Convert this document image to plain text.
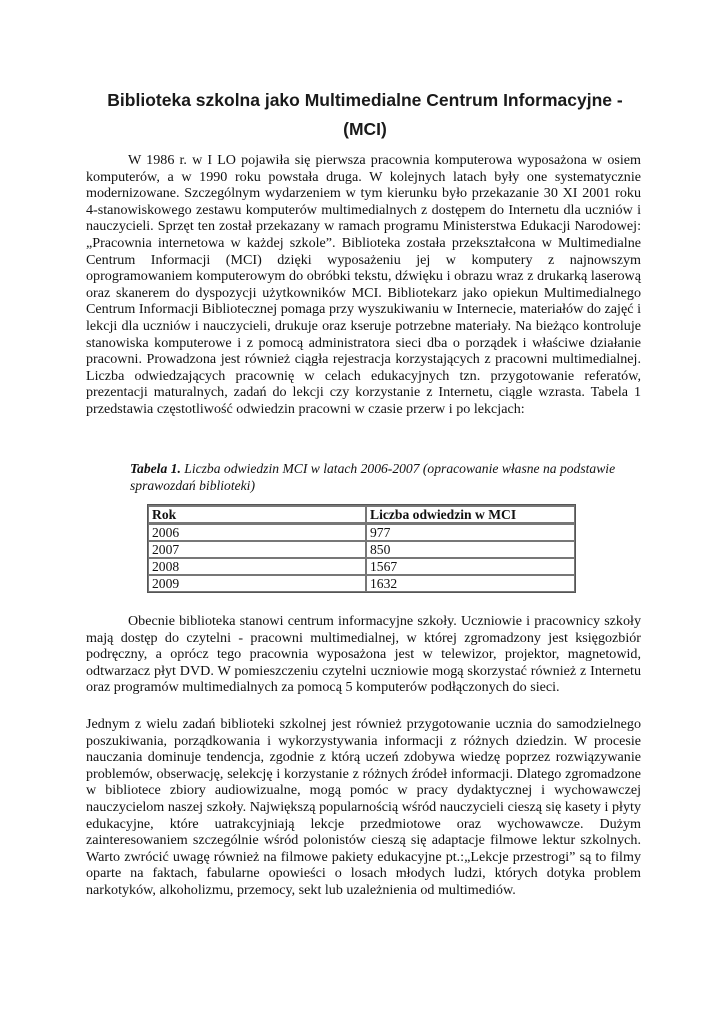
Biblioteka szkolna jako Multimedialne Centrum Informacyjne -
(MCI)

W 1986 r. w I LO pojawiła się pierwsza pracownia komputerowa wyposażona w osiem komputerów, a w 1990 roku powstała druga. W kolejnych latach były one systematycznie modernizowane. Szczególnym wydarzeniem w tym kierunku było przekazanie 30 XI 2001 roku 4-stanowiskowego zestawu komputerów multimedialnych z dostępem do Internetu dla uczniów i nauczycieli. Sprzęt ten został przekazany w ramach programu Ministerstwa Edukacji Narodowej: „Pracownia internetowa w każdej szkole”. Biblioteka została przekształcona w Multimedialne Centrum Informacji (MCI) dzięki wyposażeniu jej w komputery z najnowszym oprogramowaniem komputerowym do obróbki tekstu, dźwięku i obrazu wraz z drukarką laserową oraz skanerem do dyspozycji użytkowników MCI. Bibliotekarz jako opiekun Multimedialnego Centrum Informacji Bibliotecznej pomaga przy wyszukiwaniu w Internecie, materiałów do zajęć i lekcji dla uczniów i nauczycieli, drukuje oraz kseruje potrzebne materiały. Na bieżąco kontroluje stanowiska komputerowe i z pomocą administratora sieci dba o porządek i właściwe działanie pracowni. Prowadzona jest również ciągła rejestracja korzystających z pracowni multimedialnej. Liczba odwiedzających pracownię w celach edukacyjnych tzn. przygotowanie referatów, prezentacji maturalnych, zadań do lekcji czy korzystanie z Internetu, ciągle wzrasta. Tabela 1 przedstawia częstotliwość odwiedzin pracowni w czasie przerw i po lekcjach:

Tabela 1. Liczba odwiedzin MCI w latach 2006-2007 (opracowanie własne na podstawie sprawozdań biblioteki)

Rok	Liczba odwiedzin w MCI
2006	977
2007	850
2008	1567
2009	1632

Obecnie biblioteka stanowi centrum informacyjne szkoły. Uczniowie i pracownicy szkoły mają dostęp do czytelni - pracowni multimedialnej, w której zgromadzony jest księgozbiór podręczny, a oprócz tego pracownia wyposażona jest w telewizor, projektor, magnetowid, odtwarzacz płyt DVD. W pomieszczeniu czytelni uczniowie mogą skorzystać również z Internetu oraz programów multimedialnych za pomocą 5 komputerów podłączonych do sieci.

Jednym z wielu zadań biblioteki szkolnej jest również przygotowanie ucznia do samodzielnego poszukiwania, porządkowania i wykorzystywania informacji z różnych dziedzin. W procesie nauczania dominuje tendencja, zgodnie z którą uczeń zdobywa wiedzę poprzez rozwiązywanie problemów, obserwację, selekcję i korzystanie z różnych źródeł informacji. Dlatego zgromadzone w bibliotece zbiory audiowizualne, mogą pomóc w pracy dydaktycznej i wychowawczej nauczycielom naszej szkoły. Największą popularnością wśród nauczycieli cieszą się kasety i płyty edukacyjne, które uatrakcyjniają lekcje przedmiotowe oraz wychowawcze. Dużym zainteresowaniem szczególnie wśród polonistów cieszą się adaptacje filmowe lektur szkolnych. Warto zwrócić uwagę również na filmowe pakiety edukacyjne pt.:„Lekcje przestrogi” są to filmy oparte na faktach, fabularne opowieści o losach młodych ludzi, których dotyka problem narkotyków, alkoholizmu, przemocy, sekt lub uzależnienia od multimediów.
